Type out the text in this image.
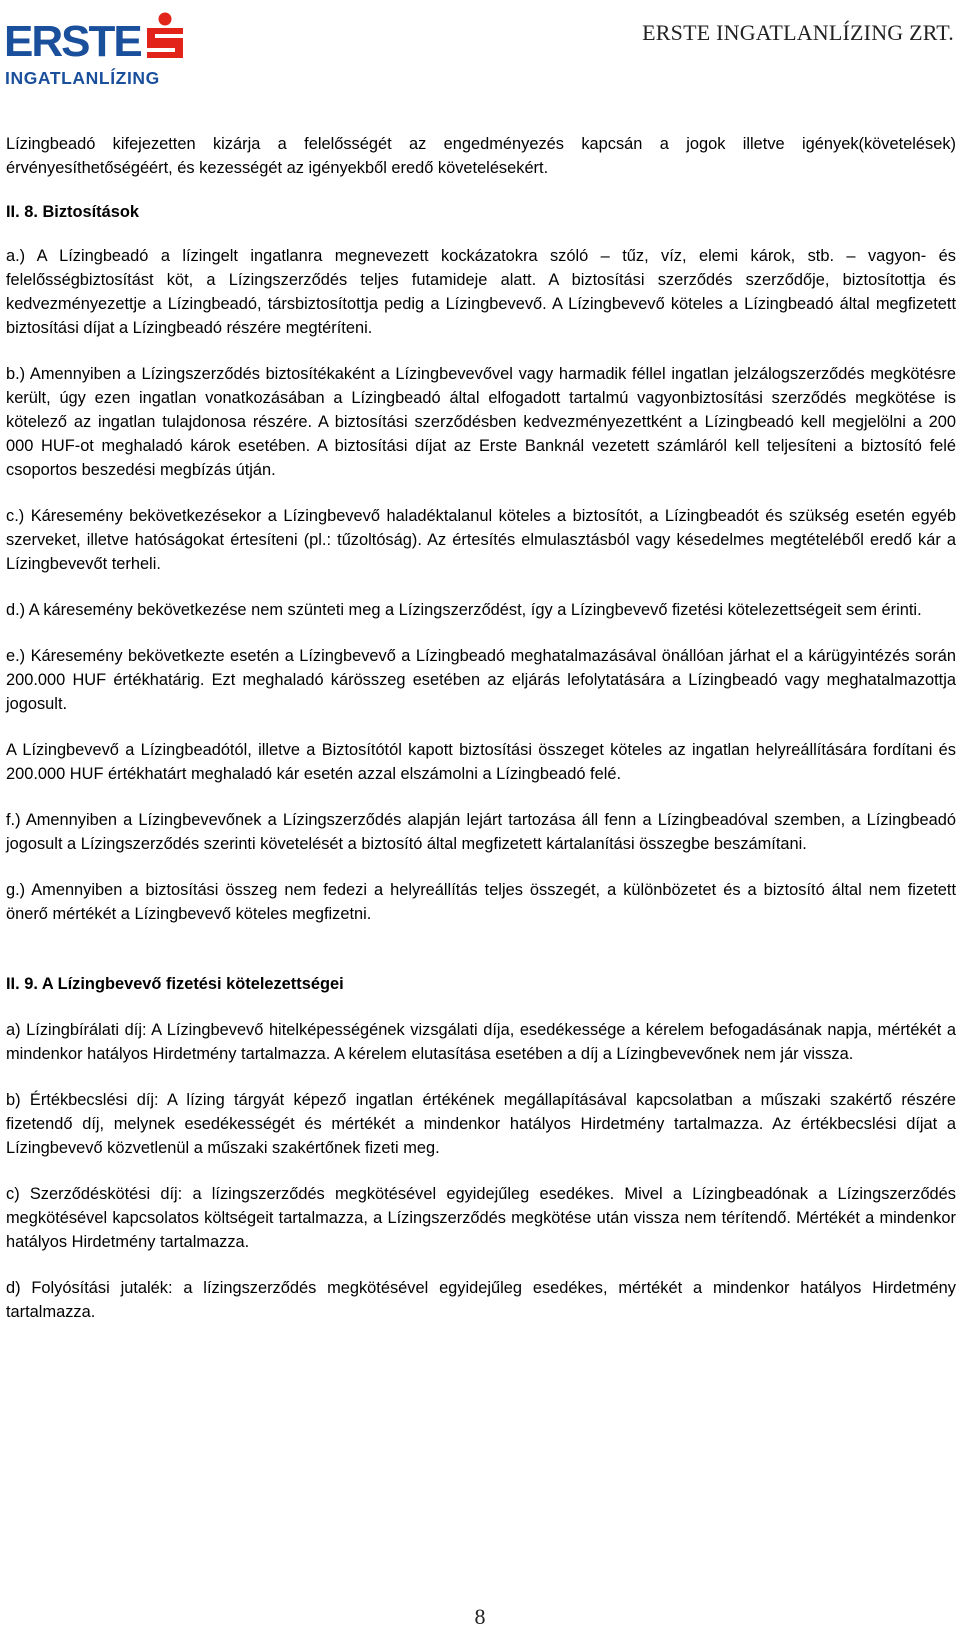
ERSTE
INGATLANLÍZING
ERSTE INGATLANLÍZING ZRT.

Lízingbeadó kifejezetten kizárja a felelősségét az engedményezés kapcsán a jogok illetve igények(követelések) érvényesíthetőségéért, és kezességét az igényekből eredő követelésekért.

II. 8. Biztosítások

a.) A Lízingbeadó a lízingelt ingatlanra megnevezett kockázatokra szóló – tűz, víz, elemi károk, stb. – vagyon- és felelősségbiztosítást köt, a Lízingszerződés teljes futamideje alatt. A biztosítási szerződés szerződője, biztosítottja és kedvezményezettje a Lízingbeadó, társbiztosítottja pedig a Lízingbevevő. A Lízingbevevő köteles a Lízingbeadó által megfizetett biztosítási díjat a Lízingbeadó részére megtéríteni.

b.) Amennyiben a Lízingszerződés biztosítékaként a Lízingbevevővel vagy harmadik féllel ingatlan jelzálogszerződés megkötésre került, úgy ezen ingatlan vonatkozásában a Lízingbeadó által elfogadott tartalmú vagyonbiztosítási szerződés megkötése is kötelező az ingatlan tulajdonosa részére. A biztosítási szerződésben kedvezményezettként a Lízingbeadó kell megjelölni a 200 000 HUF-ot meghaladó károk esetében. A biztosítási díjat az Erste Banknál vezetett számláról kell teljesíteni a biztosító felé csoportos beszedési megbízás útján.

c.) Káresemény bekövetkezésekor a Lízingbevevő haladéktalanul köteles a biztosítót, a Lízingbeadót és szükség esetén egyéb szerveket, illetve hatóságokat értesíteni (pl.: tűzoltóság). Az értesítés elmulasztásból vagy késedelmes megtételéből eredő kár a Lízingbevevőt terheli.

d.) A káresemény bekövetkezése nem szünteti meg a Lízingszerződést, így a Lízingbevevő fizetési kötelezettségeit sem érinti.

e.) Káresemény bekövetkezte esetén a Lízingbevevő a Lízingbeadó meghatalmazásával önállóan járhat el a kárügyintézés során 200.000 HUF értékhatárig. Ezt meghaladó kárösszeg esetében az eljárás lefolytatására a Lízingbeadó vagy meghatalmazottja jogosult.

A Lízingbevevő a Lízingbeadótól, illetve a Biztosítótól kapott biztosítási összeget köteles az ingatlan helyreállítására fordítani és 200.000 HUF értékhatárt meghaladó kár esetén azzal elszámolni a Lízingbeadó felé.

f.) Amennyiben a Lízingbevevőnek a Lízingszerződés alapján lejárt tartozása áll fenn a Lízingbeadóval szemben, a Lízingbeadó jogosult a Lízingszerződés szerinti követelését a biztosító által megfizetett kártalanítási összegbe beszámítani.

g.) Amennyiben a biztosítási összeg nem fedezi a helyreállítás teljes összegét, a különbözetet és a biztosító által nem fizetett önerő mértékét a Lízingbevevő köteles megfizetni.

II. 9. A Lízingbevevő fizetési kötelezettségei

a) Lízingbírálati díj: A Lízingbevevő hitelképességének vizsgálati díja, esedékessége a kérelem befogadásának napja, mértékét a mindenkor hatályos Hirdetmény tartalmazza. A kérelem elutasítása esetében a díj a Lízingbevevőnek nem jár vissza.

b) Értékbecslési díj: A lízing tárgyát képező ingatlan értékének megállapításával kapcsolatban a műszaki szakértő részére fizetendő díj, melynek esedékességét és mértékét a mindenkor hatályos Hirdetmény tartalmazza. Az értékbecslési díjat a Lízingbevevő közvetlenül a műszaki szakértőnek fizeti meg.

c) Szerződéskötési díj: a lízingszerződés megkötésével egyidejűleg esedékes. Mivel a Lízingbeadónak a Lízingszerződés megkötésével kapcsolatos költségeit tartalmazza, a Lízingszerződés megkötése után vissza nem térítendő. Mértékét a mindenkor hatályos Hirdetmény tartalmazza.

d) Folyósítási jutalék: a lízingszerződés megkötésével egyidejűleg esedékes, mértékét a mindenkor hatályos Hirdetmény tartalmazza.

8
